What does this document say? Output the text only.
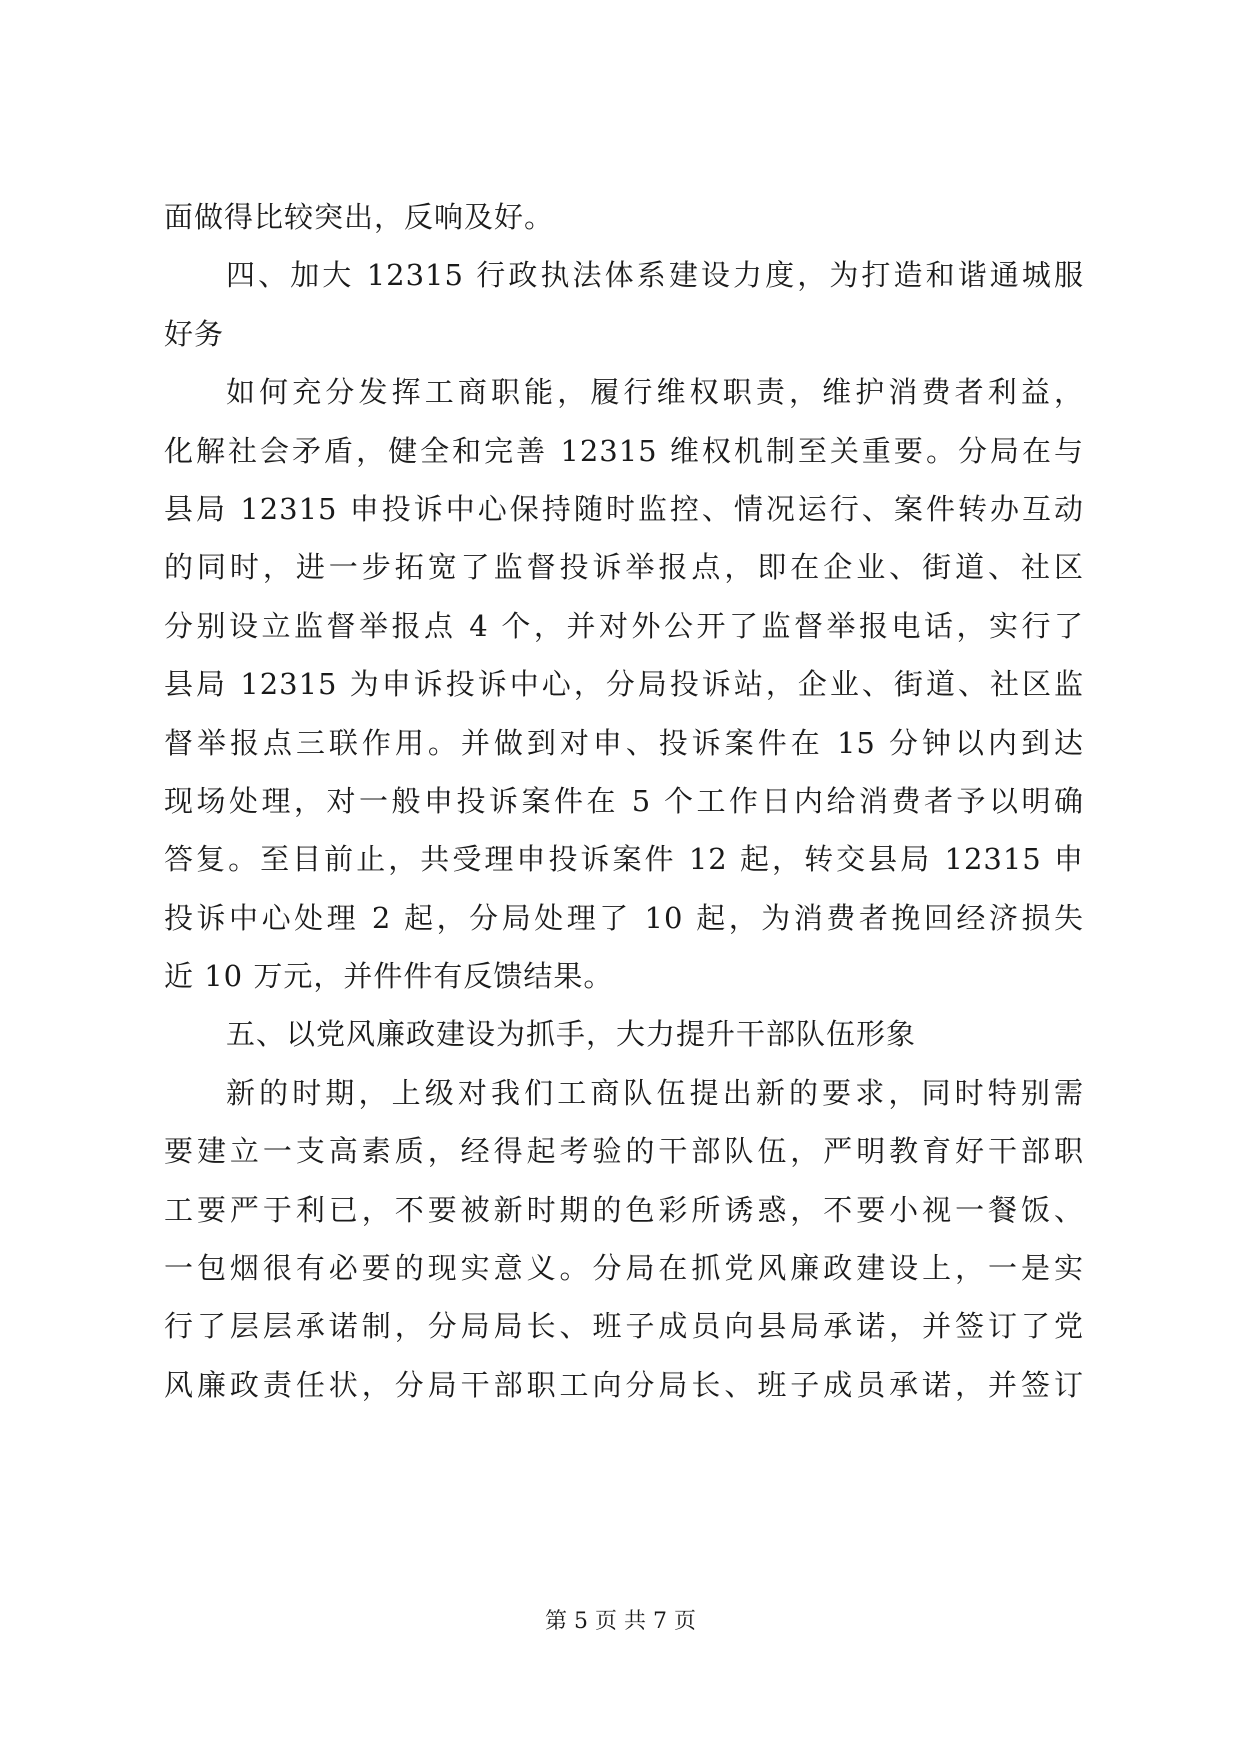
面做得比较突出，反响及好。
四、加大 12315 行政执法体系建设力度，为打造和谐通城服
好务
如何充分发挥工商职能，履行维权职责，维护消费者利益，
化解社会矛盾，健全和完善 12315 维权机制至关重要。分局在与
县局 12315 申投诉中心保持随时监控、情况运行、案件转办互动
的同时，进一步拓宽了监督投诉举报点，即在企业、街道、社区
分别设立监督举报点 4 个，并对外公开了监督举报电话，实行了
县局 12315 为申诉投诉中心，分局投诉站，企业、街道、社区监
督举报点三联作用。并做到对申、投诉案件在 15 分钟以内到达
现场处理，对一般申投诉案件在 5 个工作日内给消费者予以明确
答复。至目前止，共受理申投诉案件 12 起，转交县局 12315 申
投诉中心处理 2 起，分局处理了 10 起，为消费者挽回经济损失
近 10 万元，并件件有反馈结果。
五、以党风廉政建设为抓手，大力提升干部队伍形象
新的时期，上级对我们工商队伍提出新的要求，同时特别需
要建立一支高素质，经得起考验的干部队伍，严明教育好干部职
工要严于利已，不要被新时期的色彩所诱惑，不要小视一餐饭、
一包烟很有必要的现实意义。分局在抓党风廉政建设上，一是实
行了层层承诺制，分局局长、班子成员向县局承诺，并签订了党
风廉政责任状，分局干部职工向分局长、班子成员承诺，并签订
第 5 页 共 7 页
